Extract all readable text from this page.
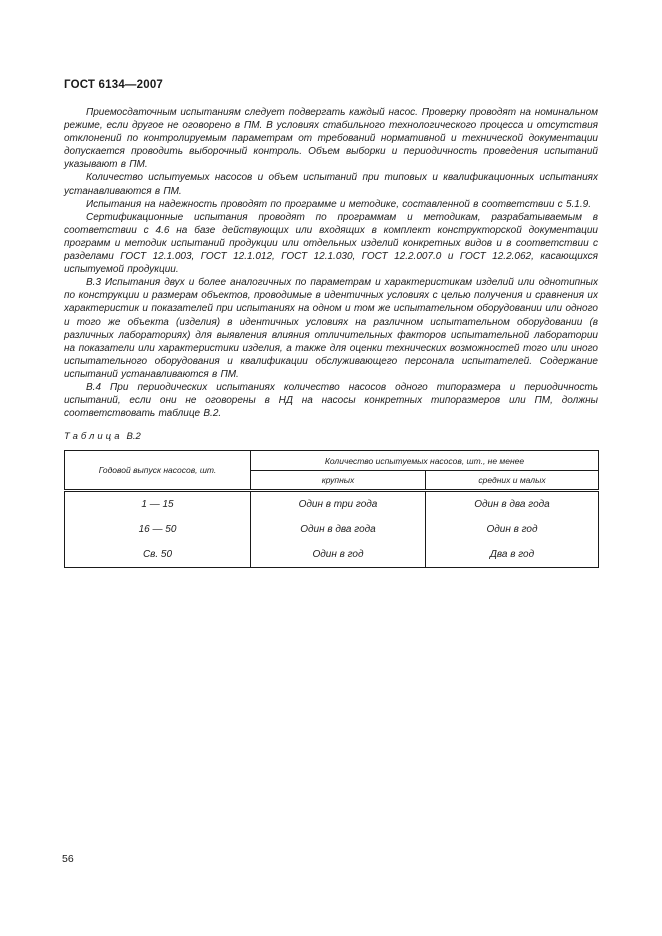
ГОСТ 6134—2007

Приемосдаточным испытаниям следует подвергать каждый насос. Проверку проводят на номинальном режиме, если другое не оговорено в ПМ. В условиях стабильного технологического процесса и отсутствия отклонений по контролируемым параметрам от требований нормативной и технической документации допускается проводить выборочный контроль. Объем выборки и периодичность проведения испытаний указывают в ПМ.

Количество испытуемых насосов и объем испытаний при типовых и квалификационных испытаниях устанавливаются в ПМ.

Испытания на надежность проводят по программе и методике, составленной в соответствии с 5.1.9.

Сертификационные испытания проводят по программам и методикам, разрабатываемым в соответствии с 4.6 на базе действующих или входящих в комплект конструкторской документации программ и методик испытаний продукции или отдельных изделий конкретных видов и в соответствии с разделами ГОСТ 12.1.003, ГОСТ 12.1.012, ГОСТ 12.1.030, ГОСТ 12.2.007.0 и ГОСТ 12.2.062, касающихся испытуемой продукции.

В.3 Испытания двух и более аналогичных по параметрам и характеристикам изделий или однотипных по конструкции и размерам объектов, проводимые в идентичных условиях с целью получения и сравнения их характеристик и показателей при испытаниях на одном и том же испытательном оборудовании или одного и того же объекта (изделия) в идентичных условиях на различном испытательном оборудовании (в различных лабораториях) для выявления влияния отличительных факторов испытательной лаборатории на показатели или характеристики изделия, а также для оценки технических возможностей того или иного испытательного оборудования и квалификации обслуживающего персонала испытателей. Содержание испытаний устанавливаются в ПМ.

В.4 При периодических испытаниях количество насосов одного типоразмера и периодичность испытаний, если они не оговорены в НД на насосы конкретных типоразмеров или ПМ, должны соответствовать таблице В.2.

Таблица В.2
Годовой выпуск насосов, шт.	Количество испытуемых насосов, шт., не менее	
	крупных	средних и малых
1 — 15	Один в три года	Один в два года
16 — 50	Один в два года	Один в год
Св. 50	Один в год	Два в год
56
